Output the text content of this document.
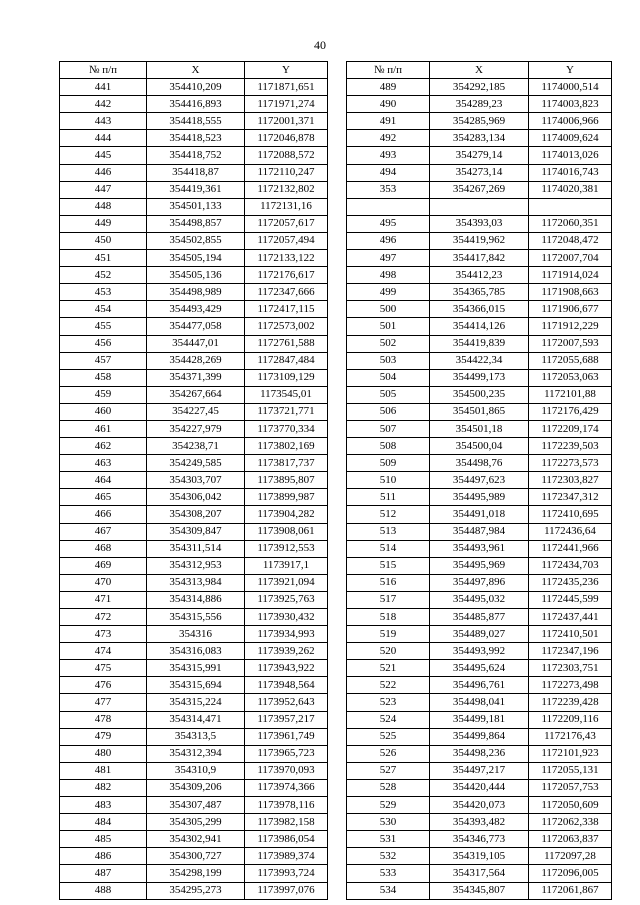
40
№ п/п	X	Y
441	354410,209	1171871,651
442	354416,893	1171971,274
443	354418,555	1172001,371
444	354418,523	1172046,878
445	354418,752	1172088,572
446	354418,87	1172110,247
447	354419,361	1172132,802
448	354501,133	1172131,16
449	354498,857	1172057,617
450	354502,855	1172057,494
451	354505,194	1172133,122
452	354505,136	1172176,617
453	354498,989	1172347,666
454	354493,429	1172417,115
455	354477,058	1172573,002
456	354447,01	1172761,588
457	354428,269	1172847,484
458	354371,399	1173109,129
459	354267,664	1173545,01
460	354227,45	1173721,771
461	354227,979	1173770,334
462	354238,71	1173802,169
463	354249,585	1173817,737
464	354303,707	1173895,807
465	354306,042	1173899,987
466	354308,207	1173904,282
467	354309,847	1173908,061
468	354311,514	1173912,553
469	354312,953	1173917,1
470	354313,984	1173921,094
471	354314,886	1173925,763
472	354315,556	1173930,432
473	354316	1173934,993
474	354316,083	1173939,262
475	354315,991	1173943,922
476	354315,694	1173948,564
477	354315,224	1173952,643
478	354314,471	1173957,217
479	354313,5	1173961,749
480	354312,394	1173965,723
481	354310,9	1173970,093
482	354309,206	1173974,366
483	354307,487	1173978,116
484	354305,299	1173982,158
485	354302,941	1173986,054
486	354300,727	1173989,374
487	354298,199	1173993,724
488	354295,273	1173997,076
№ п/п	X	Y
489	354292,185	1174000,514
490	354289,23	1174003,823
491	354285,969	1174006,966
492	354283,134	1174009,624
493	354279,14	1174013,026
494	354273,14	1174016,743
353	354267,269	1174020,381

495	354393,03	1172060,351
496	354419,962	1172048,472
497	354417,842	1172007,704
498	354412,23	1171914,024
499	354365,785	1171908,663
500	354366,015	1171906,677
501	354414,126	1171912,229
502	354419,839	1172007,593
503	354422,34	1172055,688
504	354499,173	1172053,063
505	354500,235	1172101,88
506	354501,865	1172176,429
507	354501,18	1172209,174
508	354500,04	1172239,503
509	354498,76	1172273,573
510	354497,623	1172303,827
511	354495,989	1172347,312
512	354491,018	1172410,695
513	354487,984	1172436,64
514	354493,961	1172441,966
515	354495,969	1172434,703
516	354497,896	1172435,236
517	354495,032	1172445,599
518	354485,877	1172437,441
519	354489,027	1172410,501
520	354493,992	1172347,196
521	354495,624	1172303,751
522	354496,761	1172273,498
523	354498,041	1172239,428
524	354499,181	1172209,116
525	354499,864	1172176,43
526	354498,236	1172101,923
527	354497,217	1172055,131
528	354420,444	1172057,753
529	354420,073	1172050,609
530	354393,482	1172062,338
531	354346,773	1172063,837
532	354319,105	1172097,28
533	354317,564	1172096,005
534	354345,807	1172061,867
